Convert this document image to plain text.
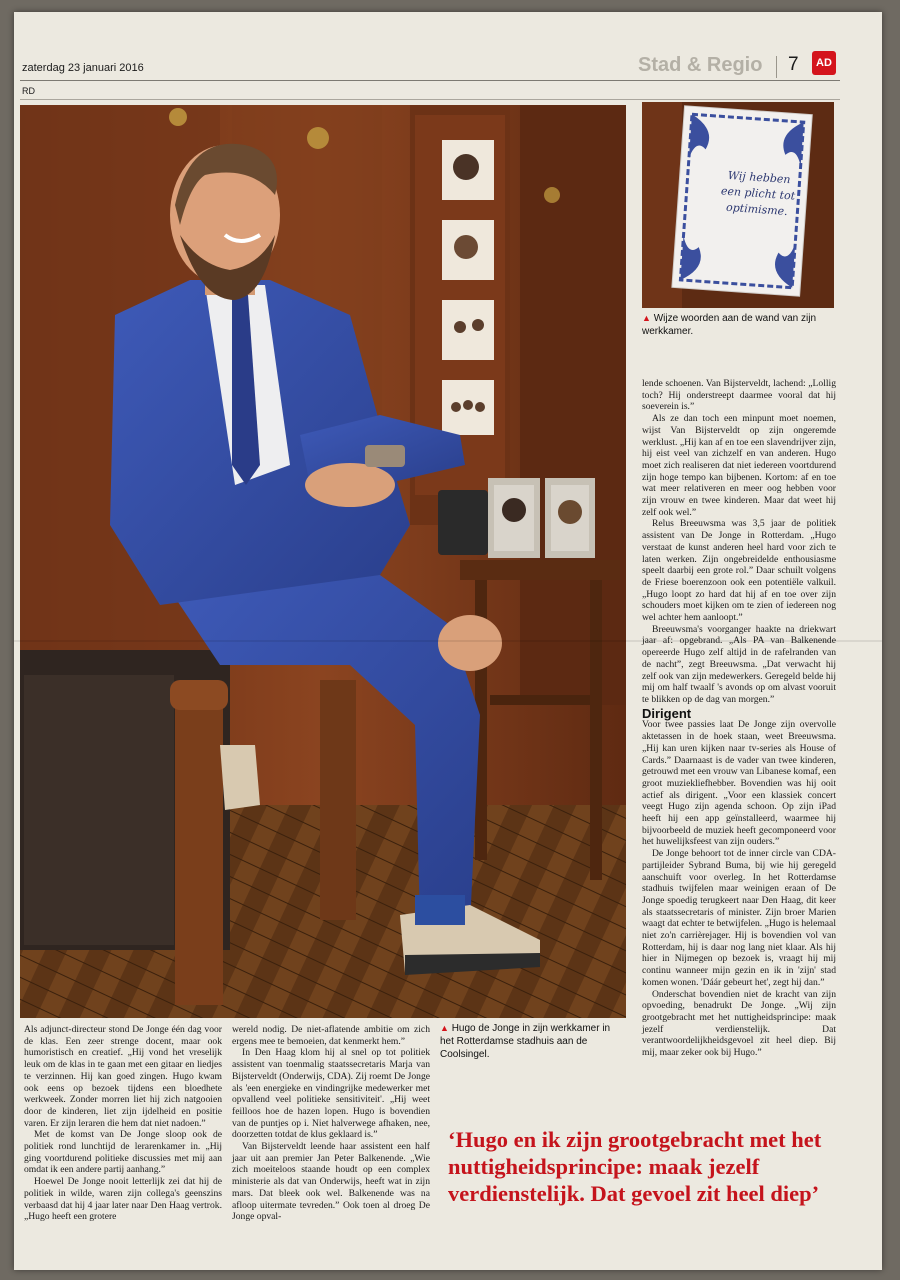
zaterdag 23 januari 2016
RD
Stad & Regio 7	AD
Wij hebben
een plicht tot
optimisme.
▲ Wijze woorden aan de wand van zijn werkkamer.

lende schoenen. Van Bijsterveldt, lachend: „Lollig toch? Hij onderstreept daarmee vooral dat hij soeverein is.”

Als ze dan toch een minpunt moet noemen, wijst Van Bijsterveldt op zijn ongeremde werklust. „Hij kan af en toe een slavendrijver zijn, hij eist veel van zichzelf en van anderen. Hugo moet zich realiseren dat niet iedereen voortdurend zijn hoge tempo kan bijbenen. Kortom: af en toe wat meer relativeren en meer oog hebben voor zijn vrouw en twee kinderen. Maar dat weet hij zelf ook wel.”

Relus Breeuwsma was 3,5 jaar de politiek assistent van De Jonge in Rotterdam. „Hugo verstaat de kunst anderen heel hard voor zich te laten werken. Zijn ongebreidelde enthousiasme speelt daarbij een grote rol.” Daar schuilt volgens de Friese boerenzoon ook een potentiële valkuil. „Hugo loopt zo hard dat hij af en toe over zijn schouders moet kijken om te zien of iedereen nog wel achter hem aanloopt.”

Breeuwsma's voorganger haakte na driekwart jaar af: opgebrand. „Als PA van Balkenende opereerde Hugo zelf altijd in de rafelranden van de nacht”, zegt Breeuwsma. „Dat verwacht hij zelf ook van zijn medewerkers. Geregeld belde hij mij om half twaalf 's avonds op om alvast vooruit te blikken op de dag van morgen.”

Dirigent

Voor twee passies laat De Jonge zijn overvolle aktetassen in de hoek staan, weet Breeuwsma. „Hij kan uren kijken naar tv-series als House of Cards.” Daarnaast is de vader van twee kinderen, getrouwd met een vrouw van Libanese komaf, een groot muziekliefhebber. Bovendien was hij ooit actief als dirigent. „Voor een klassiek concert veegt Hugo zijn agenda schoon. Op zijn iPad heeft hij een app geïnstalleerd, waarmee hij bijvoorbeeld de muziek heeft gecomponeerd voor het huwelijksfeest van zijn ouders.”

De Jonge behoort tot de inner circle van CDA-partijleider Sybrand Buma, bij wie hij geregeld aanschuift voor overleg. In het Rotterdamse stadhuis twijfelen maar weinigen eraan of De Jonge spoedig terugkeert naar Den Haag, dit keer als staatssecretaris of minister. Zijn broer Marien waagt dat echter te betwijfelen. „Hugo is helemaal niet zo'n carrièrejager. Hij is bovendien vol van Rotterdam, hij is daar nog lang niet klaar. Als hij hier in Nijmegen op bezoek is, vraagt hij mij continu wanneer mijn gezin en ik in 'zijn' stad komen wonen. 'Dáár gebeurt het', zegt hij dan.”

Onderschat bovendien niet de kracht van zijn opvoeding, benadrukt De Jonge. „Wij zijn grootgebracht met het nuttigheidsprincipe: maak jezelf verdienstelijk. Dat verantwoordelijkheidsgevoel zit heel diep. Bij mij, maar zeker ook bij Hugo.”

Als adjunct-directeur stond De Jonge één dag voor de klas. Een zeer strenge docent, maar ook humoristisch en creatief. „Hij vond het vreselijk leuk om de klas in te gaan met een gitaar en liedjes te verzinnen. Hij kan goed zingen. Hugo kwam ook eens op bezoek tijdens een bloedhete werkweek. Zonder morren liet hij zich natgooien door de kinderen, liet zijn ijdelheid en positie varen. Er zijn leraren die hem dat niet nadoen.”

Met de komst van De Jonge sloop ook de politiek rond lunchtijd de lerarenkamer in. „Hij ging voortdurend politieke discussies met mij aan omdat ik een andere partij aanhang.”

Hoewel De Jonge nooit letterlijk zei dat hij de politiek in wilde, waren zijn collega's geenszins verbaasd dat hij 4 jaar later naar Den Haag vertrok. „Hugo heeft een grotere

wereld nodig. De niet-aflatende ambitie om zich ergens mee te bemoeien, dat kenmerkt hem.”

In Den Haag klom hij al snel op tot politiek assistent van toenmalig staatssecretaris Marja van Bijsterveldt (Onderwijs, CDA). Zij roemt De Jonge als 'een energieke en vindingrijke medewerker met opvallend veel politieke sensitiviteit'. „Hij weet feilloos hoe de hazen lopen. Hugo is bovendien van de puntjes op i. Niet halverwege afhaken, nee, doorzetten totdat de klus geklaard is.”

Van Bijsterveldt leende haar assistent een half jaar uit aan premier Jan Peter Balkenende. „Wie zich moeiteloos staande houdt op een complex ministerie als dat van Onderwijs, heeft wat in zijn mars. Dat bleek ook wel. Balkenende was na afloop uitermate tevreden.” Ook toen al droeg De Jonge opval-

▲ Hugo de Jonge in zijn werkkamer in het Rotterdamse stadhuis aan de Coolsingel.
‘Hugo en ik zijn grootgebracht met het nuttigheidsprincipe: maak jezelf verdienstelijk. Dat gevoel zit heel diep’
